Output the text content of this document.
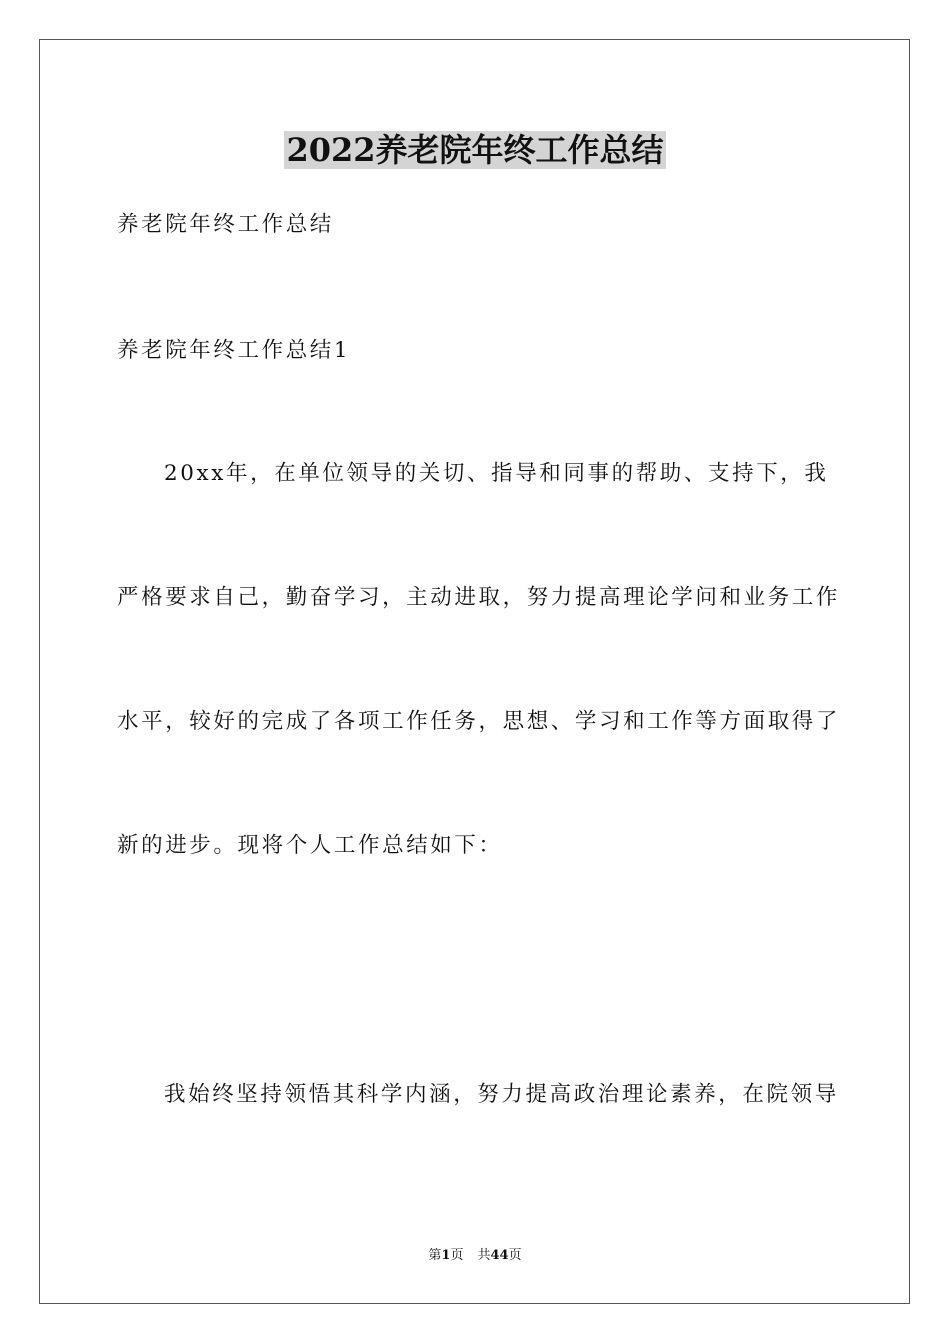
2022养老院年终工作总结

养老院年终工作总结

养老院年终工作总结1

20xx年，在单位领导的关切、指导和同事的帮助、支持下，我

严格要求自己，勤奋学习，主动进取，努力提高理论学问和业务工作

水平，较好的完成了各项工作任务，思想、学习和工作等方面取得了

新的进步。现将个人工作总结如下：

我始终坚持领悟其科学内涵，努力提高政治理论素养，在院领导

第1页 共44页
